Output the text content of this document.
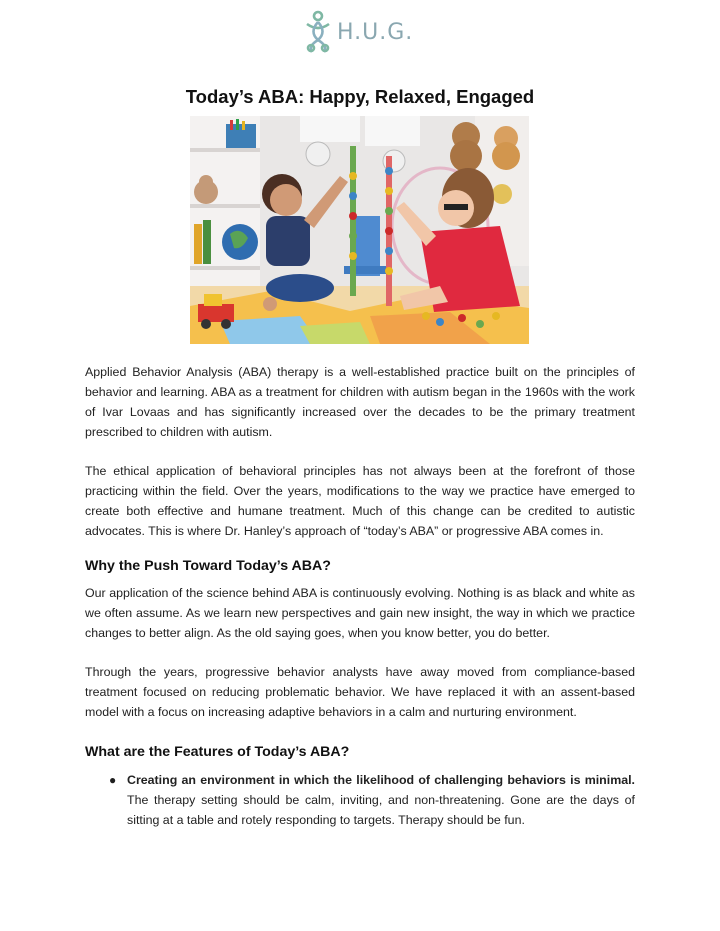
H.U.G.
Today’s ABA: Happy, Relaxed, Engaged

Applied Behavior Analysis (ABA) therapy is a well-established practice built on the principles of behavior and learning. ABA as a treatment for children with autism began in the 1960s with the work of Ivar Lovaas and has significantly increased over the decades to be the primary treatment prescribed to children with autism.

The ethical application of behavioral principles has not always been at the forefront of those practicing within the field. Over the years, modifications to the way we practice have emerged to create both effective and humane treatment. Much of this change can be credited to autistic advocates. This is where Dr. Hanley’s approach of “today’s ABA” or progressive ABA comes in.

Why the Push Toward Today’s ABA?

Our application of the science behind ABA is continuously evolving. Nothing is as black and white as we often assume. As we learn new perspectives and gain new insight, the way in which we practice changes to better align. As the old saying goes, when you know better, you do better.

Through the years, progressive behavior analysts have away moved from compliance-based treatment focused on reducing problematic behavior. We have replaced it with an assent-based model with a focus on increasing adaptive behaviors in a calm and nurturing environment.

What are the Features of Today’s ABA?
● Creating an environment in which the likelihood of challenging behaviors is minimal. The therapy setting should be calm, inviting, and non-threatening. Gone are the days of sitting at a table and rotely responding to targets. Therapy should be fun.
